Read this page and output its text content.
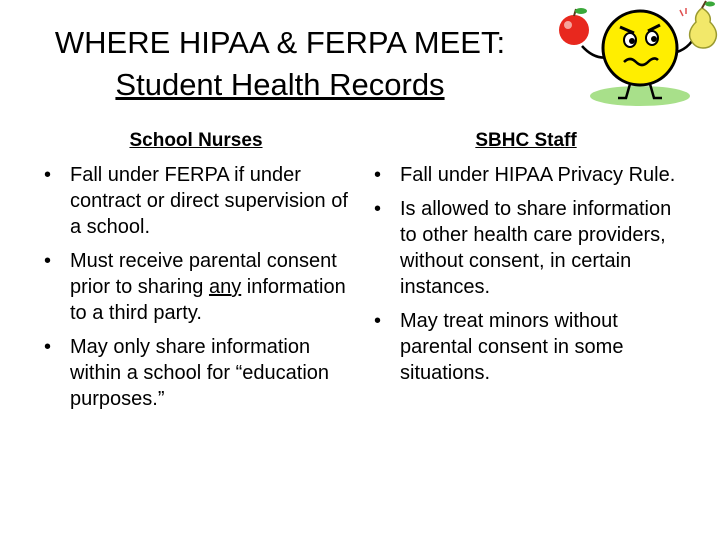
WHERE HIPAA & FERPA MEET:
Student Health Records
School Nurses
• Fall under FERPA if under contract or direct supervision of a school.
• Must receive parental consent prior to sharing any information to a third party.
• May only share information within a school for “education purposes.”
SBHC Staff
• Fall under HIPAA Privacy Rule.
• Is allowed to share information to other health care providers, without consent, in certain instances.
• May treat minors without parental consent in some situations.
